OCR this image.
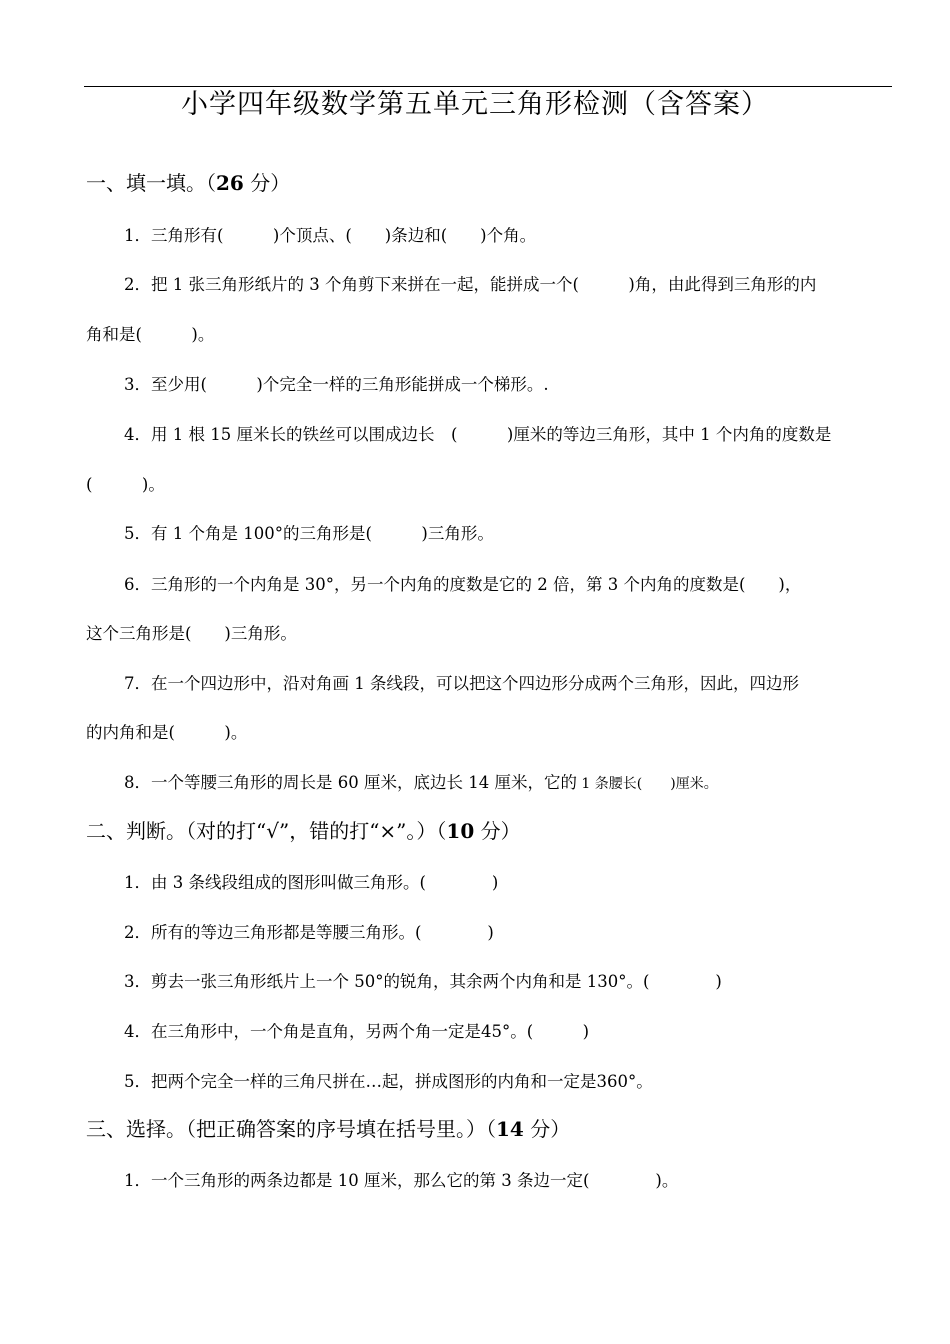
小学四年级数学第五单元三角形检测（含答案）
一、填一填。（26 分）
1．三角形有(　　　)个顶点、(　　)条边和(　　)个角。
2．把 1 张三角形纸片的 3 个角剪下来拼在一起，能拼成一个(　　　)角，由此得到三角形的内
角和是(　　　)。
3．至少用(　　　)个完全一样的三角形能拼成一个梯形。.
4．用 1 根 15 厘米长的铁丝可以围成边长　(　　　)厘米的等边三角形，其中 1 个内角的度数是
(　　　)。
5．有 1 个角是 100°的三角形是(　　　)三角形。
6．三角形的一个内角是 30°，另一个内角的度数是它的 2 倍，第 3 个内角的度数是(　　)，
这个三角形是(　　)三角形。
7．在一个四边形中，沿对角画 1 条线段，可以把这个四边形分成两个三角形，因此，四边形
的内角和是(　　　)。
8．一个等腰三角形的周长是 60 厘米，底边长 14 厘米，它的 1 条腰长(　　)厘米。
二、判断。（对的打“√”，错的打“×”。）（10 分）
1．由 3 条线段组成的图形叫做三角形。(　　　　)
2．所有的等边三角形都是等腰三角形。(　　　　)
3．剪去一张三角形纸片上一个 50°的锐角，其余两个内角和是 130°。(　　　　)
4．在三角形中，一个角是直角，另两个角一定是45°。(　　　)
5．把两个完全一样的三角尺拼在…起，拼成图形的内角和一定是360°。
三、选择。（把正确答案的序号填在括号里。）（14 分）
1．一个三角形的两条边都是 10 厘米，那么它的第 3 条边一定(　　　　)。
